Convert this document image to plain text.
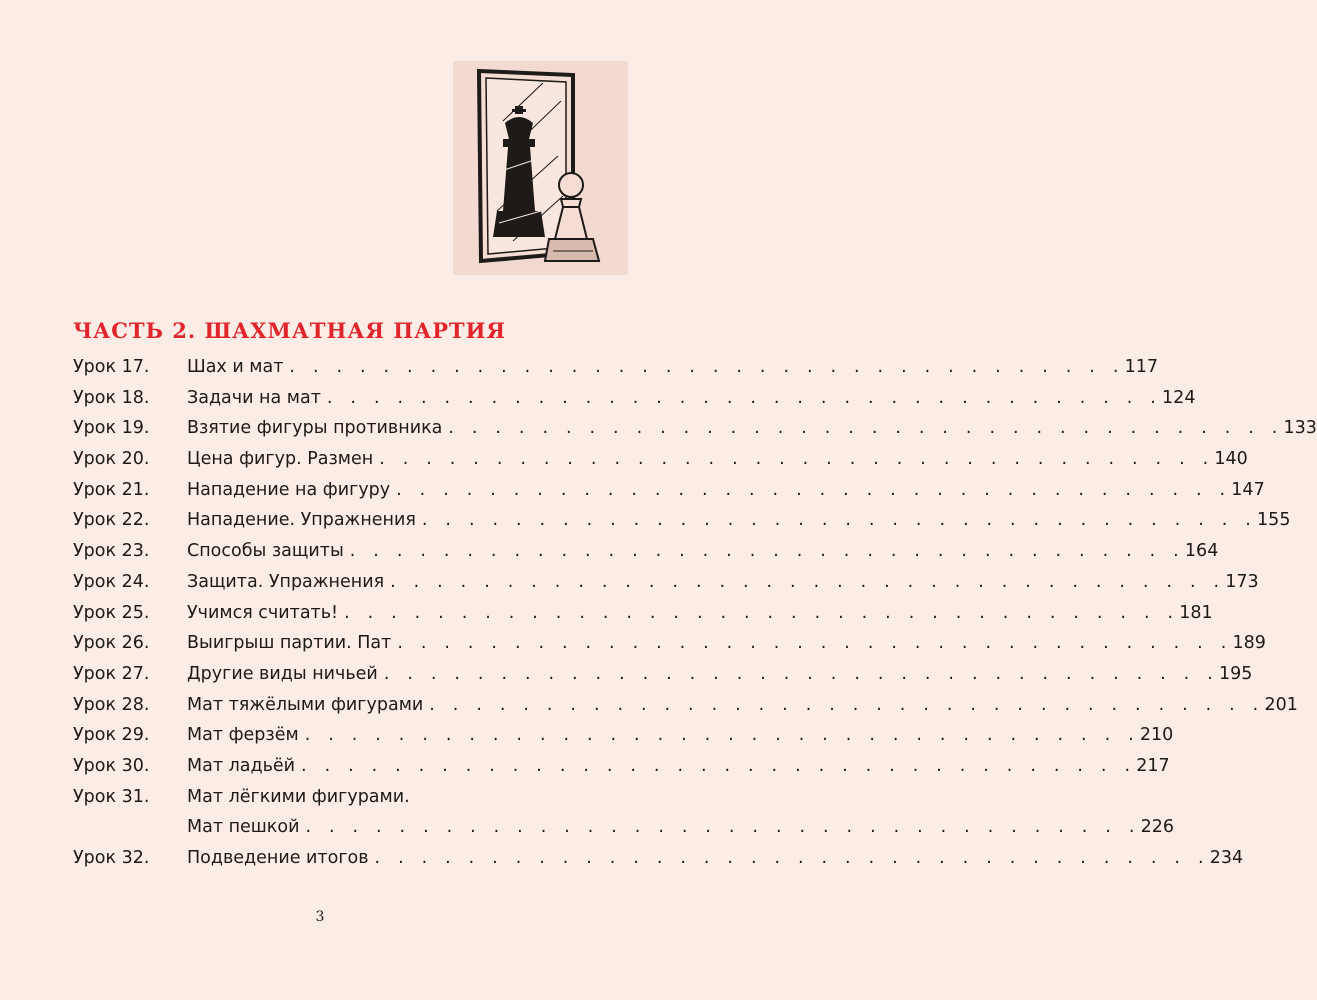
ЧАСТЬ 2. ШАХМАТНАЯ ПАРТИЯ
Урок 17. Шах и мат . . . . . . . . . . . . . . . . . . . . . . . . . . . . . . . . . . . . 117
Урок 18. Задачи на мат . . . . . . . . . . . . . . . . . . . . . . . . . . . . . . . . . . . . 124
Урок 19. Взятие фигуры противника . . . . . . . . . . . . . . . . . . . . . . . . . . . . . . . . . . . . 133
Урок 20. Цена фигур. Размен . . . . . . . . . . . . . . . . . . . . . . . . . . . . . . . . . . . . 140
Урок 21. Нападение на фигуру . . . . . . . . . . . . . . . . . . . . . . . . . . . . . . . . . . . . 147
Урок 22. Нападение. Упражнения . . . . . . . . . . . . . . . . . . . . . . . . . . . . . . . . . . . . 155
Урок 23. Способы защиты . . . . . . . . . . . . . . . . . . . . . . . . . . . . . . . . . . . . 164
Урок 24. Защита. Упражнения . . . . . . . . . . . . . . . . . . . . . . . . . . . . . . . . . . . . 173
Урок 25. Учимся считать! . . . . . . . . . . . . . . . . . . . . . . . . . . . . . . . . . . . . 181
Урок 26. Выигрыш партии. Пат . . . . . . . . . . . . . . . . . . . . . . . . . . . . . . . . . . . . 189
Урок 27. Другие виды ничьей . . . . . . . . . . . . . . . . . . . . . . . . . . . . . . . . . . . . 195
Урок 28. Мат тяжёлыми фигурами . . . . . . . . . . . . . . . . . . . . . . . . . . . . . . . . . . . . 201
Урок 29. Мат ферзём . . . . . . . . . . . . . . . . . . . . . . . . . . . . . . . . . . . . 210
Урок 30. Мат ладьёй . . . . . . . . . . . . . . . . . . . . . . . . . . . . . . . . . . . . 217
Урок 31. Мат лёгкими фигурами.
Мат пешкой . . . . . . . . . . . . . . . . . . . . . . . . . . . . . . . . . . . . 226
Урок 32. Подведение итогов . . . . . . . . . . . . . . . . . . . . . . . . . . . . . . . . . . . . 234
3
